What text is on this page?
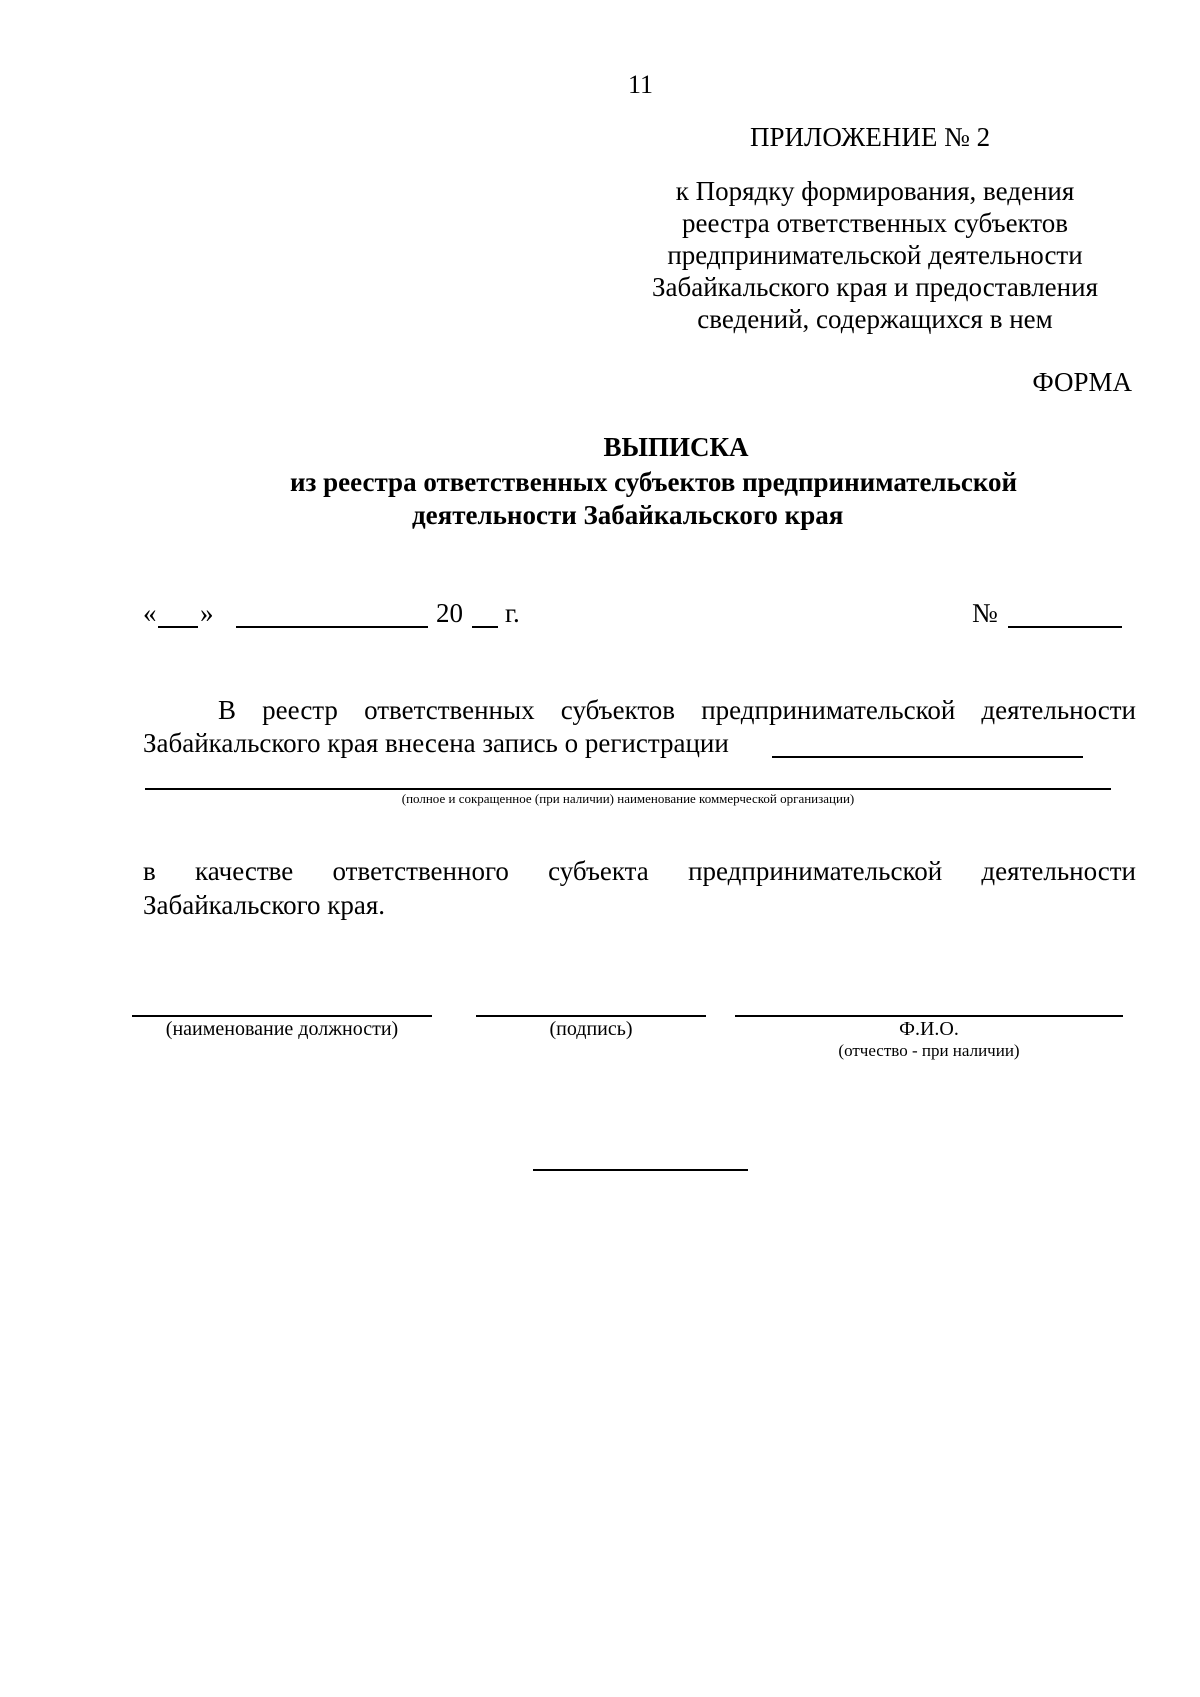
11
ПРИЛОЖЕНИЕ № 2
к Порядку формирования, ведения
реестра ответственных субъектов
предпринимательской деятельности
Забайкальского края и предоставления
сведений, содержащихся в нем
ФОРМА
ВЫПИСКА
из реестра ответственных субъектов предпринимательской
деятельности Забайкальского края
« »	20 г.	№
В реестр ответственных субъектов предпринимательской деятельности
Забайкальского края внесена запись о регистрации
(полное и сокращенное (при наличии) наименование коммерческой организации)
в качестве ответственного субъекта предпринимательской деятельности
Забайкальского края.
(наименование должности)	(подпись)	Ф.И.О.
(отчество - при наличии)
